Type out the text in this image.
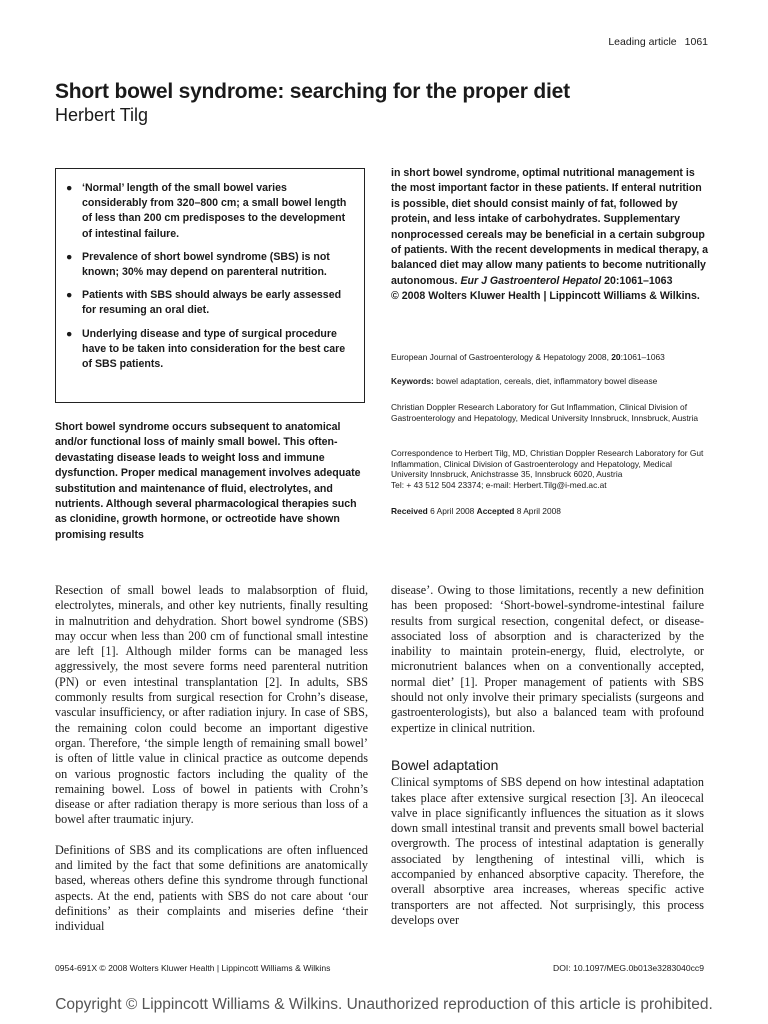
Leading article 1061
Short bowel syndrome: searching for the proper diet
Herbert Tilg
● ‘Normal’ length of the small bowel varies considerably from 320–800 cm; a small bowel length of less than 200 cm predisposes to the development of intestinal failure.
● Prevalence of short bowel syndrome (SBS) is not known; 30% may depend on parenteral nutrition.
● Patients with SBS should always be early assessed for resuming an oral diet.
● Underlying disease and type of surgical procedure have to be taken into consideration for the best care of SBS patients.
Short bowel syndrome occurs subsequent to anatomical and/or functional loss of mainly small bowel. This often-devastating disease leads to weight loss and immune dysfunction. Proper medical management involves adequate substitution and maintenance of fluid, electrolytes, and nutrients. Although several pharmacological therapies such as clonidine, growth hormone, or octreotide have shown promising results
in short bowel syndrome, optimal nutritional management is the most important factor in these patients. If enteral nutrition is possible, diet should consist mainly of fat, followed by protein, and less intake of carbohydrates. Supplementary nonprocessed cereals may be beneficial in a certain subgroup of patients. With the recent developments in medical therapy, a balanced diet may allow many patients to become nutritionally autonomous. Eur J Gastroenterol Hepatol 20:1061–1063
© 2008 Wolters Kluwer Health | Lippincott Williams & Wilkins.
European Journal of Gastroenterology & Hepatology 2008, 20:1061–1063
Keywords: bowel adaptation, cereals, diet, inflammatory bowel disease
Christian Doppler Research Laboratory for Gut Inflammation, Clinical Division of Gastroenterology and Hepatology, Medical University Innsbruck, Innsbruck, Austria
Correspondence to Herbert Tilg, MD, Christian Doppler Research Laboratory for Gut Inflammation, Clinical Division of Gastroenterology and Hepatology, Medical University Innsbruck, Anichstrasse 35, Innsbruck 6020, Austria
Tel: + 43 512 504 23374; e-mail: Herbert.Tilg@i-med.ac.at
Received 6 April 2008 Accepted 8 April 2008

Resection of small bowel leads to malabsorption of fluid, electrolytes, minerals, and other key nutrients, finally resulting in malnutrition and dehydration. Short bowel syndrome (SBS) may occur when less than 200 cm of functional small intestine are left [1]. Although milder forms can be managed less aggressively, the most severe forms need parenteral nutrition (PN) or even intestinal transplantation [2]. In adults, SBS commonly results from surgical resection for Crohn’s disease, vascular insufficiency, or after radiation injury. In case of SBS, the remaining colon could become an important digestive organ. Therefore, ‘the simple length of remaining small bowel’ is often of little value in clinical practice as outcome depends on various prognostic factors including the quality of the remaining bowel. Loss of bowel in patients with Crohn’s disease or after radiation therapy is more serious than loss of a bowel after traumatic injury.

Definitions of SBS and its complications are often influenced and limited by the fact that some definitions are anatomically based, whereas others define this syndrome through functional aspects. At the end, patients with SBS do not care about ‘our definitions’ as their complaints and miseries define ‘their individual

disease’. Owing to those limitations, recently a new definition has been proposed: ‘Short-bowel-syndrome-intestinal failure results from surgical resection, congenital defect, or disease-associated loss of absorption and is characterized by the inability to maintain protein-energy, fluid, electrolyte, or micronutrient balances when on a conventionally accepted, normal diet’ [1]. Proper management of patients with SBS should not only involve their primary specialists (surgeons and gastroenterologists), but also a balanced team with profound expertize in clinical nutrition.

Bowel adaptation

Clinical symptoms of SBS depend on how intestinal adaptation takes place after extensive surgical resection [3]. An ileocecal valve in place significantly influences the situation as it slows down small intestinal transit and prevents small bowel bacterial overgrowth. The process of intestinal adaptation is generally associated by lengthening of intestinal villi, which is accompanied by enhanced absorptive capacity. Therefore, the overall absorptive area increases, whereas specific active transporters are not affected. Not surprisingly, this process develops over

0954-691X © 2008 Wolters Kluwer Health | Lippincott Williams & Wilkins	DOI: 10.1097/MEG.0b013e3283040cc9
Copyright © Lippincott Williams & Wilkins. Unauthorized reproduction of this article is prohibited.
